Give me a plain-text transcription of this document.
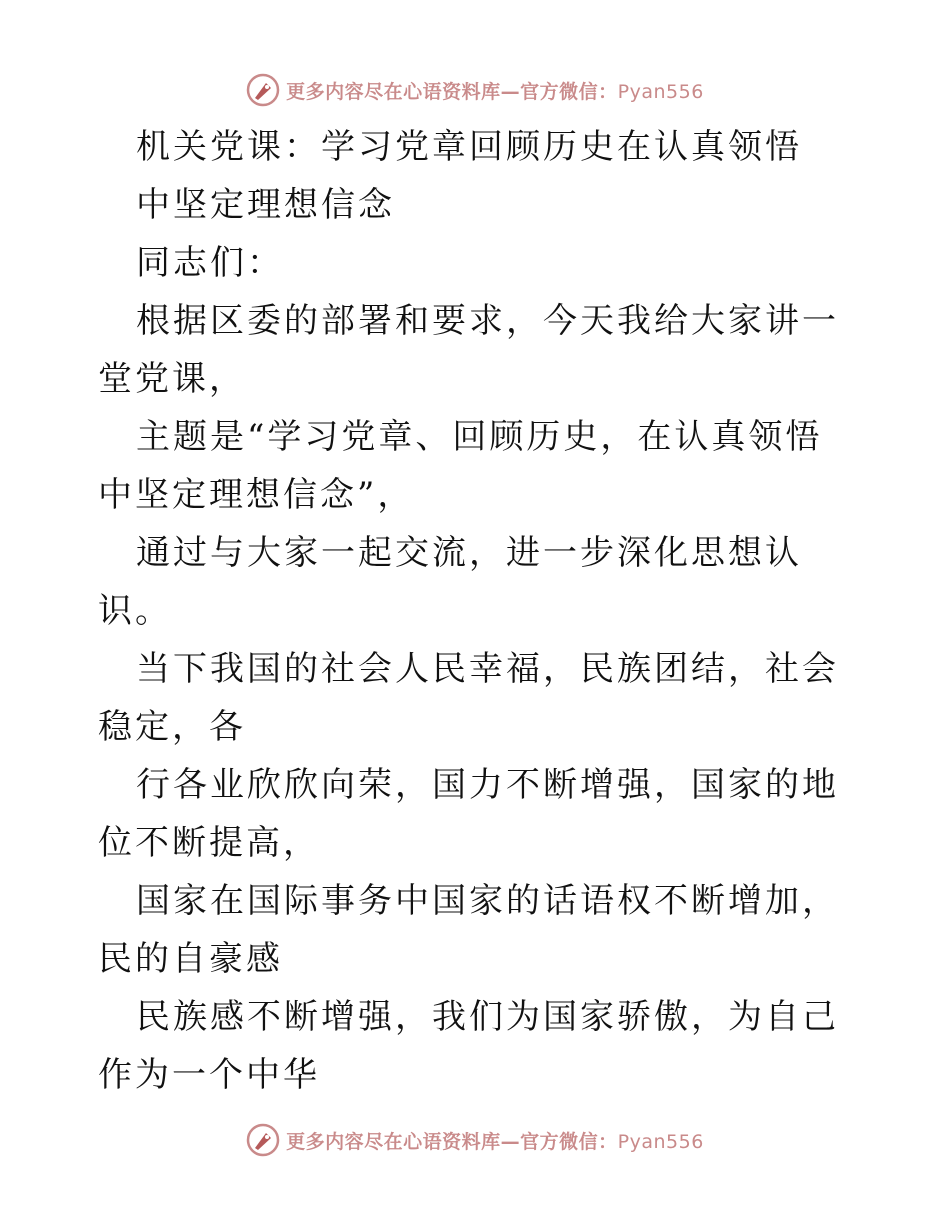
更多内容尽在心语资料库—官方微信：Pyan556

机关党课：学习党章回顾历史在认真领悟

中坚定理想信念

同志们：

根据区委的部署和要求，今天我给大家讲一堂党课，

主题是“学习党章、回顾历史，在认真领悟中坚定理想信念”，

通过与大家一起交流，进一步深化思想认识。

当下我国的社会人民幸福，民族团结，社会稳定，各

行各业欣欣向荣，国力不断增强，国家的地位不断提高，

国家在国际事务中国家的话语权不断增加，民的自豪感

民族感不断增强，我们为国家骄傲，为自己作为一个中华

更多内容尽在心语资料库—官方微信：Pyan556
